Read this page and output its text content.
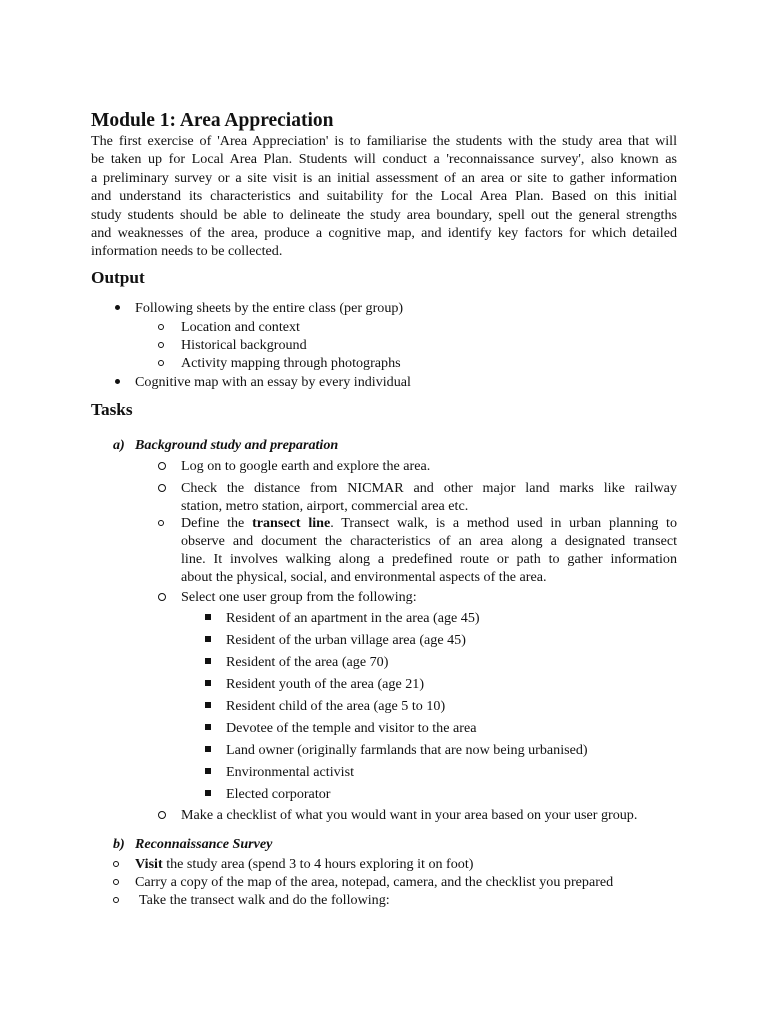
Module 1: Area Appreciation
The first exercise of 'Area Appreciation' is to familiarise the students with the study area that will
be taken up for Local Area Plan. Students will conduct a 'reconnaissance survey', also known as
a preliminary survey or a site visit is an initial assessment of an area or site to gather information
and understand its characteristics and suitability for the Local Area Plan. Based on this initial
study students should be able to delineate the study area boundary, spell out the general strengths
and weaknesses of the area, produce a cognitive map, and identify key factors for which detailed
information needs to be collected.
Output
Following sheets by the entire class (per group)
Location and context
Historical background
Activity mapping through photographs
Cognitive map with an essay by every individual
Tasks
a) Background study and preparation
Log on to google earth and explore the area.
Check the distance from NICMAR and other major land marks like railway
station, metro station, airport, commercial area etc.
Define the transect line. Transect walk, is a method used in urban planning to
observe and document the characteristics of an area along a designated transect
line. It involves walking along a predefined route or path to gather information
about the physical, social, and environmental aspects of the area.
Select one user group from the following:
Resident of an apartment in the area (age 45)
Resident of the urban village area (age 45)
Resident of the area (age 70)
Resident youth of the area (age 21)
Resident child of the area (age 5 to 10)
Devotee of the temple and visitor to the area
Land owner (originally farmlands that are now being urbanised)
Environmental activist
Elected corporator
Make a checklist of what you would want in your area based on your user group.
b) Reconnaissance Survey
Visit the study area (spend 3 to 4 hours exploring it on foot)
Carry a copy of the map of the area, notepad, camera, and the checklist you prepared
Take the transect walk and do the following:
